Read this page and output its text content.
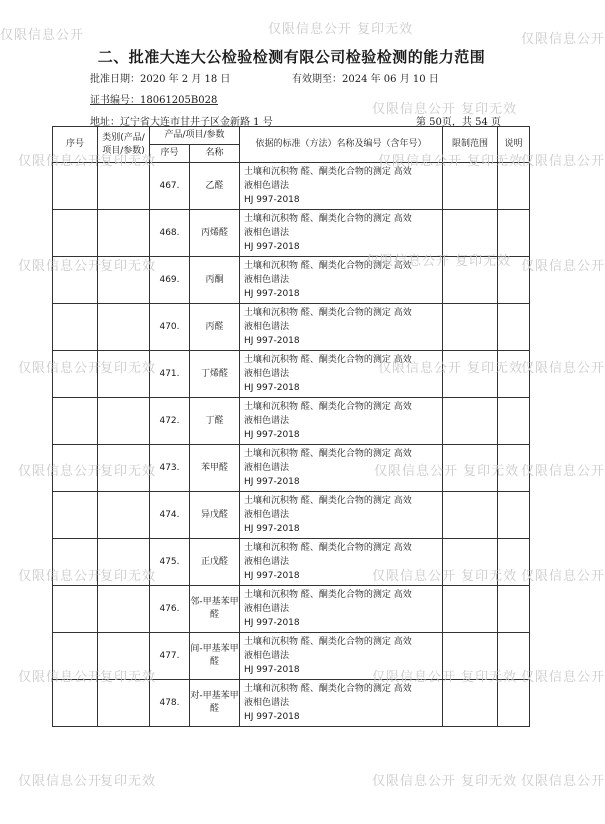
二、批准大连大公检验检测有限公司检验检测的能力范围
批准日期：2020 年 2 月 18 日	有效期至：2024 年 06 月 10 日
证书编号：18061205B028
地址：辽宁省大连市甘井子区金新路 1 号	第 50页，共 54 页
序号	类别(产品/项目/参数)	产品/项目/参数		依据的标准（方法）名称及编号（含年号）	限制范围	说明
		序号	名称			
		467.	乙醛	土壤和沉积物 醛、酮类化合物的测定 高效
液相色谱法
HJ 997-2018		

		468.	丙烯醛	土壤和沉积物 醛、酮类化合物的测定 高效
液相色谱法
HJ 997-2018		

		469.	丙酮	土壤和沉积物 醛、酮类化合物的测定 高效
液相色谱法
HJ 997-2018		

		470.	丙醛	土壤和沉积物 醛、酮类化合物的测定 高效
液相色谱法
HJ 997-2018		

		471.	丁烯醛	土壤和沉积物 醛、酮类化合物的测定 高效
液相色谱法
HJ 997-2018		

		472.	丁醛	土壤和沉积物 醛、酮类化合物的测定 高效
液相色谱法
HJ 997-2018		

		473.	苯甲醛	土壤和沉积物 醛、酮类化合物的测定 高效
液相色谱法
HJ 997-2018		

		474.	异戊醛	土壤和沉积物 醛、酮类化合物的测定 高效
液相色谱法
HJ 997-2018		

		475.	正戊醛	土壤和沉积物 醛、酮类化合物的测定 高效
液相色谱法
HJ 997-2018		

		476.	邻-甲基苯甲醛	土壤和沉积物 醛、酮类化合物的测定 高效
液相色谱法
HJ 997-2018		

		477.	间-甲基苯甲醛	土壤和沉积物 醛、酮类化合物的测定 高效
液相色谱法
HJ 997-2018		

		478.	对-甲基苯甲醛	土壤和沉积物 醛、酮类化合物的测定 高效
液相色谱法
HJ 997-2018		

仅限信息公开	仅限信息公开 复印无效
仅限信息公开
仅限信息公开 复印无效
仅限信息公开
复印无效	仅限信息公开 复印无效
仅限信息公开
复印无效	仅限信息公开 复印无效
仅限信息公开
复印无效	仅限信息公开 复印无效
仅限信息公开
复印无效	仅限信息公开 复印无效
仅限信息公开
复印无效	仅限信息公开 复印无效
仅限信息公开
复印无效	仅限信息公开 复印无效
仅限信息公开
复印无效	仅限信息公开 复印无效
仅限信息公开
仅限信息公开
仅限信息公开
仅限信息公开
仅限信息公开
仅限信息公开
仅限信息公开
